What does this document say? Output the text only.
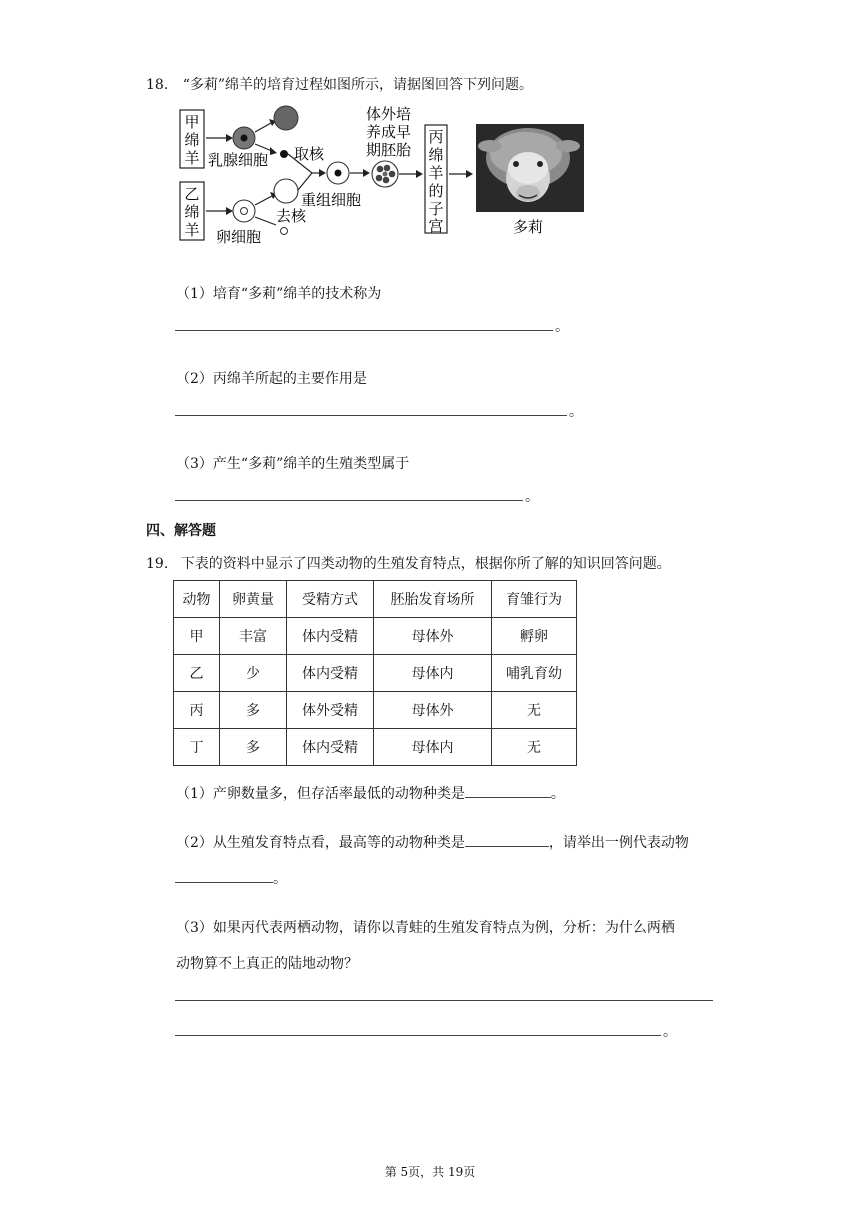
18. “多莉”绵羊的培育过程如图所示，请据图回答下列问题。
甲
绵
羊
乙
绵
羊
乳腺细胞 取核
卵细胞
去核
重组细胞
体外培
养成早
期胚胎
丙
绵
羊
的
子
宫	多莉
（1）培育“多莉”绵羊的技术称为
。
（2）丙绵羊所起的主要作用是
。
（3）产生“多莉”绵羊的生殖类型属于
。
四、解答题
19. 下表的资料中显示了四类动物的生殖发育特点，根据你所了解的知识回答问题。
动物	卵黄量	受精方式	胚胎发育场所	育雏行为
甲	丰富	体内受精	母体外	孵卵
乙	少	体内受精	母体内	哺乳育幼
丙	多	体外受精	母体外	无
丁	多	体内受精	母体内	无
（1）产卵数量多，但存活率最低的动物种类是	。
（2）从生殖发育特点看，最高等的动物种类是	，请举出一例代表动物
。
（3）如果丙代表两栖动物，请你以青蛙的生殖发育特点为例，分析：为什么两栖
动物算不上真正的陆地动物？
。
第 5页，共 19页
